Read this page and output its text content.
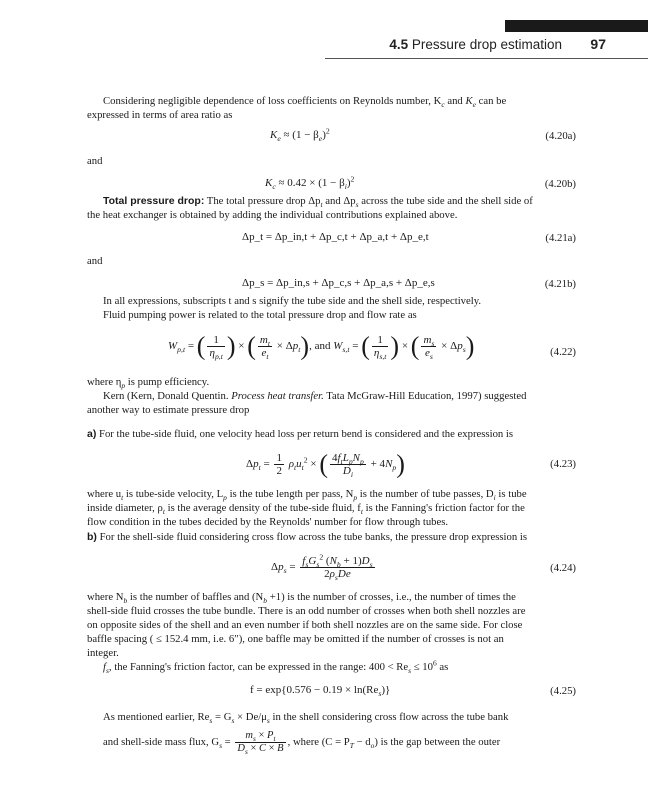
4.5 Pressure drop estimation 97
Considering negligible dependence of loss coefficients on Reynolds number, $K_c$ and $K_e$ can be
expressed in terms of area ratio as
$K_e \approx (1 - \beta_e)^2$	(4.20a)
and
$K_c \approx 0.42 \times (1 - \beta_i)^2$	(4.20b)
Total pressure drop: The total pressure drop $\Delta p_t$ and $\Delta p_s$ across the tube side and the shell side of
the heat exchanger is obtained by adding the individual contributions explained above.
Δp_t = Δp_in,t + Δp_c,t + Δp_a,t + Δp_e,t	(4.21a)
and
Δp_s = Δp_in,s + Δp_c,s + Δp_a,s + Δp_e,s	(4.21b)
In all expressions, subscripts t and s signify the tube side and the shell side, respectively.
Fluid pumping power is related to the total pressure drop and flow rate as
$W_{p,t}$ = ( $\frac{1}{\eta_{p,t}}$ ) × ( $\frac{m_t}{e_t} \times \Delta p_t$), and $W_{s,t}$ = ( $\frac{1}{\eta_{s,t}}$ ) × ( $\frac{m_s}{e_s} \times \Delta p_s$)	(4.22)
where $\eta_p$ is pump efficiency.
Kern (Kern, Donald Quentin. Process heat transfer. Tata McGraw-Hill Education, 1997) suggested
another way to estimate pressure drop
a) For the tube-side fluid, one velocity head loss per return bend is considered and the expression is
$\Delta p_t = \frac{1}{2} \rho_tu_t^2$ × ( $\frac{4f_tL_pN_p}{D_i} + 4N_p$)	(4.23)
where $u_t$ is tube-side velocity, $L_p$ is the tube length per pass, $N_p$ is the number of tube passes, $D_i$ is tube
inside diameter, $\rho_t$ is the average density of the tube-side fluid, $f_t$ is the Fanning's friction factor for the
flow condition in the tubes decided by the Reynolds' number for flow through tubes.
b) For the shell-side fluid considering cross flow across the tube banks, the pressure drop expression is
$\Delta p_s = \frac{f_sG_s^2 (N_b + 1)D_s}{2\rho_sDe}$	(4.24)
where $N_b$ is the number of baffles and $(N_b +1)$ is the number of crosses, i.e., the number of times the
shell-side fluid crosses the tube bundle. There is an odd number of crosses when both shell nozzles are
on opposite sides of the shell and an even number if both shell nozzles are on the same side. For close
baffle spacing ( ≤ 152.4 mm, i.e. 6″), one baffle may be omitted if the number of crosses is not an
integer.
$f_s$, the Fanning's friction factor, can be expressed in the range: $400 < Re_s \le 10^6$ as
$f = \exp\{0.576 - 0.19 \times \ln(Re_s)\}$	(4.25)
As mentioned earlier, $Re_s = G_s \times De/\mu_s$ in the shell considering cross flow across the tube bank
and shell-side mass flux, $G_s = \frac{m_s \times P_t}{D_s \times C \times B}$ , where $(C = P_T - d_o)$ is the gap between the outer
